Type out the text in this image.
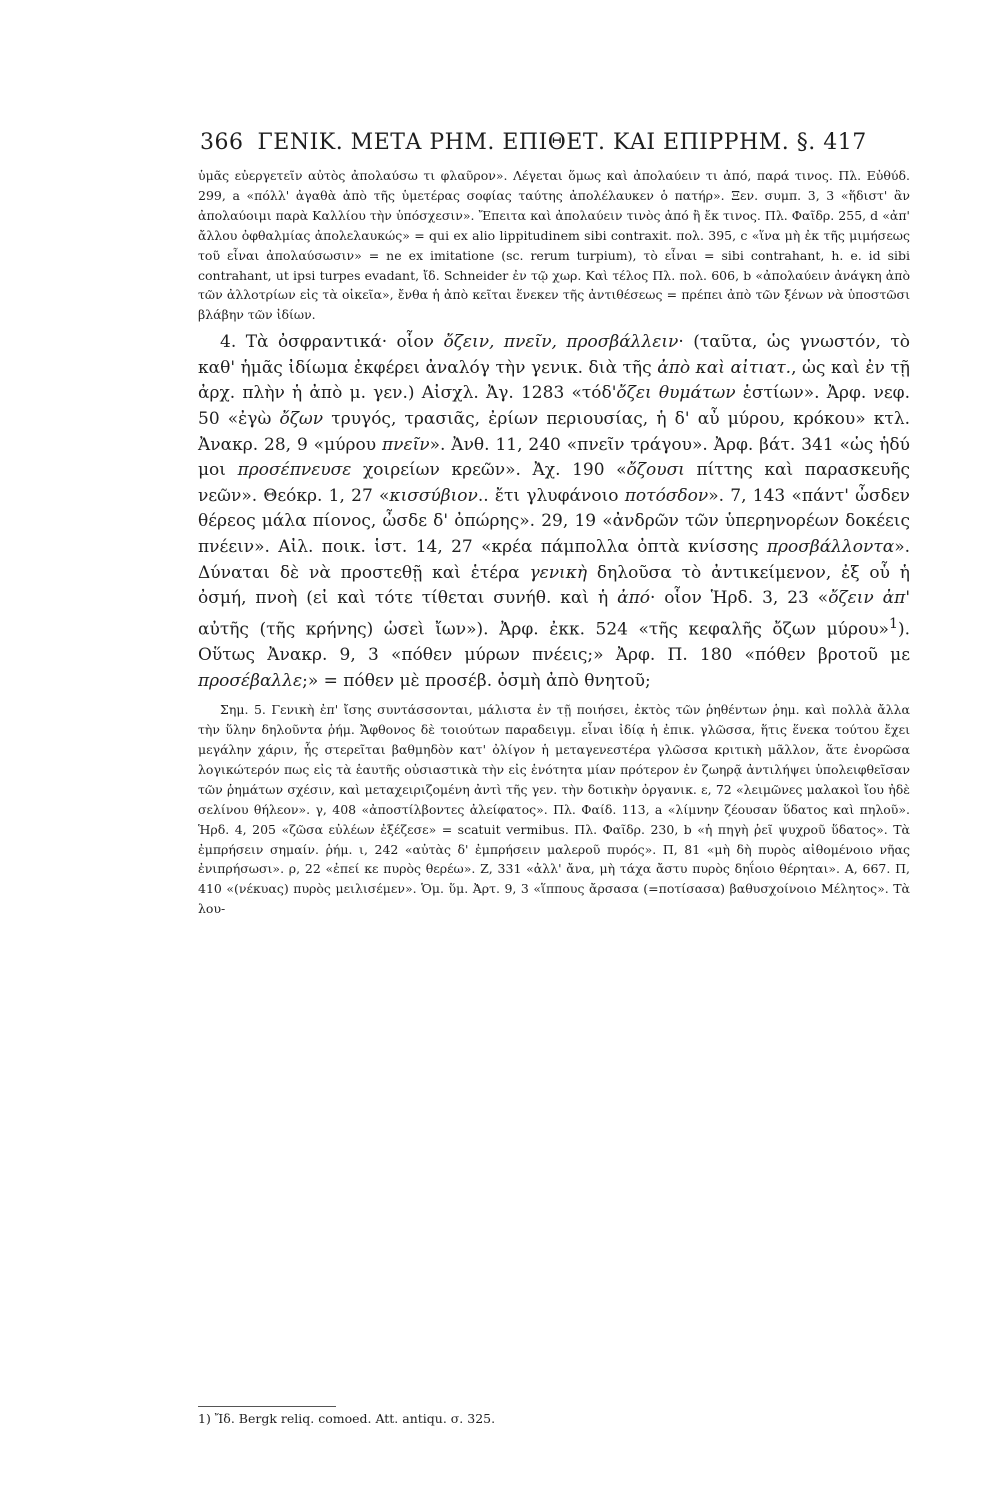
366 ΓΕΝΙΚ. ΜΕΤΑ ΡΗΜ. ΕΠΙΘΕΤ. ΚΑΙ ΕΠΙΡΡΗΜ. §. 417

ὑμᾶς εὐεργετεῖν αὐτὸς ἀπολαύσω τι φλαῦρον». Λέγεται ὅμως καὶ ἀπολαύειν τι ἀπό, παρά τινος. Πλ. Εὐθύδ. 299, a «πόλλ' ἀγαθὰ ἀπὸ τῆς ὑμετέρας σοφίας ταύτης ἀπολέλαυκεν ὁ πατήρ». Ξεν. συμπ. 3, 3 «ἥδιστ' ἂν ἀπολαύοιμι παρὰ Καλλίου τὴν ὑπόσχεσιν». Ἔπειτα καὶ ἀπολαύειν τινὸς ἀπό ἢ ἔκ τινος. Πλ. Φαῖδρ. 255, d «ἀπ' ἄλλου ὀφθαλμίας ἀπολελαυκώς» = qui ex alio lippitudinem sibi contraxit. πολ. 395, c «ἵνα μὴ ἐκ τῆς μιμήσεως τοῦ εἶναι ἀπολαύσωσιν» = ne ex imitatione (sc. rerum turpium), τὸ εἶναι = sibi contrahant, h. e. id sibi contrahant, ut ipsi turpes evadant, ἴδ. Schneider ἐν τῷ χωρ. Καὶ τέλος Πλ. πολ. 606, b «ἀπολαύειν ἀνάγκη ἀπὸ τῶν ἀλλοτρίων εἰς τὰ οἰκεῖα», ἔνθα ἡ ἀπὸ κεῖται ἕνεκεν τῆς ἀντιθέσεως = πρέπει ἀπὸ τῶν ξένων νὰ ὑποστῶσι βλάβην τῶν ἰδίων.

4. Τὰ ὀσφραντικά· οἷον ὄζειν, πνεῖν, προσβάλλειν· (ταῦτα, ὡς γνωστόν, τὸ καθ' ἡμᾶς ἰδίωμα ἐκφέρει ἀναλόγ τὴν γενικ. διὰ τῆς ἀπὸ καὶ αἰτιατ., ὡς καὶ ἐν τῇ ἀρχ. πλὴν ἡ ἀπὸ μ. γεν.) Αἰσχλ. Ἀγ. 1283 «τόδ'ὄζει θυμάτων ἑστίων». Ἀρφ. νεφ. 50 «ἐγὼ ὄζων τρυγός, τρασιᾶς, ἐρίων περιουσίας, ἡ δ' αὖ μύρου, κρόκου» κτλ. Ἀνακρ. 28, 9 «μύρου πνεῖν». Ἀνθ. 11, 240 «πνεῖν τράγου». Ἀρφ. βάτ. 341 «ὡς ἡδύ μοι προσέπνευσε χοιρείων κρεῶν». Ἀχ. 190 «ὄζουσι πίττης καὶ παρασκευῆς νεῶν». Θεόκρ. 1, 27 «κισσύβιον.. ἔτι γλυφάνοιο ποτόσδον». 7, 143 «πάντ' ὦσδεν θέρεος μάλα πίονος, ὦσδε δ' ὀπώρης». 29, 19 «ἀνδρῶν τῶν ὑπερηνορέων δοκέεις πνέειν». Αἰλ. ποικ. ἱστ. 14, 27 «κρέα πάμπολλα ὀπτὰ κνίσσης προσβάλλοντα». Δύναται δὲ νὰ προστεθῇ καὶ ἑτέρα γενικὴ δηλοῦσα τὸ ἀντικείμενον, ἐξ οὗ ἡ ὀσμή, πνοὴ (εἰ καὶ τότε τίθεται συνήθ. καὶ ἡ ἀπό· οἷον Ἡρδ. 3, 23 «ὄζειν ἀπ' αὐτῆς (τῆς κρήνης) ὡσεὶ ἴων»). Ἀρφ. ἐκκ. 524 «τῆς κεφαλῆς ὄζων μύρου»$^1$). Οὕτως Ἀνακρ. 9, 3 «πόθεν μύρων πνέεις;» Ἀρφ. Π. 180 «πόθεν βροτοῦ με προσέβαλλε;» = πόθεν μὲ προσέβ. ὀσμὴ ἀπὸ θνητοῦ;

Σημ. 5. Γενικὴ ἐπ' ἴσης συντάσσονται, μάλιστα ἐν τῇ ποιήσει, ἐκτὸς τῶν ῥηθέντων ῥημ. καὶ πολλὰ ἄλλα τὴν ὕλην δηλοῦντα ῥήμ. Ἄφθονος δὲ τοιούτων παραδειγμ. εἶναι ἰδίᾳ ἡ ἐπικ. γλῶσσα, ἥτις ἕνεκα τούτου ἔχει μεγάλην χάριν, ἧς στερεῖται βαθμηδὸν κατ' ὀλίγον ἡ μεταγενεστέρα γλῶσσα κριτικὴ μᾶλλον, ἅτε ἐνορῶσα λογικώτερόν πως εἰς τὰ ἑαυτῆς οὐσιαστικὰ τὴν εἰς ἑνότητα μίαν πρότερον ἐν ζωηρᾷ ἀντιλήψει ὑπολειφθεῖσαν τῶν ῥημάτων σχέσιν, καὶ μεταχειριζομένη ἀντὶ τῆς γεν. τὴν δοτικὴν ὀργανικ. ε, 72 «λειμῶνες μαλακοὶ ἴου ἠδὲ σελίνου θήλεον». γ, 408 «ἀποστίλβοντες ἀλείφατος». Πλ. Φαίδ. 113, a «λίμνην ζέουσαν ὕδατος καὶ πηλοῦ». Ἡρδ. 4, 205 «ζῶσα εὐλέων ἐξέζεσε» = scatuit vermibus. Πλ. Φαῖδρ. 230, b «ἡ πηγὴ ῥεῖ ψυχροῦ ὕδατος». Τὰ ἐμπρήσειν σημαίν. ῥήμ. ι, 242 «αὐτὰς δ' ἐμπρήσειν μαλεροῦ πυρός». Π, 81 «μὴ δὴ πυρὸς αἰθομένοιο νῆας ἐνιπρήσωσι». ρ, 22 «ἐπεί κε πυρὸς θερέω». Ζ, 331 «ἀλλ' ἄνα, μὴ τάχα ἄστυ πυρὸς δηΐοιο θέρηται». Α, 667. Π, 410 «(νέκυας) πυρὸς μειλισέμεν». Ὁμ. ὕμ. Ἀρτ. 9, 3 «ἵππους ἄρσασα (=ποτίσασα) βαθυσχοίνοιο Μέλητος». Τὰ λου-

1) Ἴδ. Bergk reliq. comoed. Att. antiqu. σ. 325.
